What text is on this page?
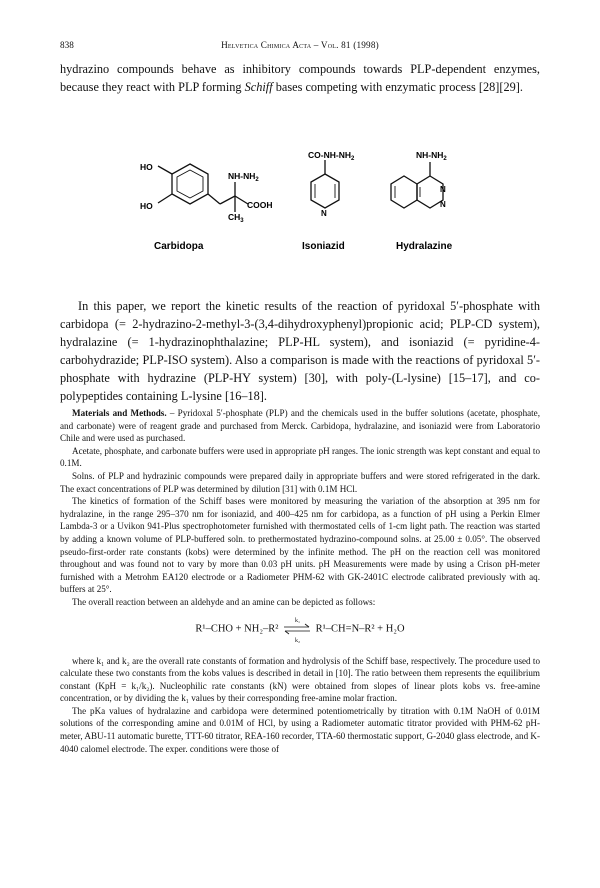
838	Helvetica Chimica Acta – Vol. 81 (1998)
hydrazino compounds behave as inhibitory compounds towards PLP-dependent enzymes, because they react with PLP forming Schiff bases competing with enzymatic process [28][29].
HO
HO
$NH-NH_2$
COOH
$CH_3$
Carbidopa
$CO-NH-NH_2$
N
Isoniazid
$NH-NH_2$
N
N
Hydralazine
In this paper, we report the kinetic results of the reaction of pyridoxal 5′-phosphate with carbidopa (= 2-hydrazino-2-methyl-3-(3,4-dihydroxyphenyl)propionic acid; PLP-CD system), hydralazine (= 1-hydrazinophthalazine; PLP-HL system), and isoniazid (= pyridine-4-carbohydrazide; PLP-ISO system). Also a comparison is made with the reactions of pyridoxal 5′-phosphate with hydrazine (PLP-HY system) [30], with poly-(L-lysine) [15–17], and co-polypeptides containing L-lysine [16–18].

Materials and Methods. – Pyridoxal 5′-phosphate (PLP) and the chemicals used in the buffer solutions (acetate, phosphate, and carbonate) were of reagent grade and purchased from Merck. Carbidopa, hydralazine, and isoniazid were from Laboratorio Chile and were used as purchased.

Acetate, phosphate, and carbonate buffers were used in appropriate pH ranges. The ionic strength was kept constant and equal to 0.1M.

Solns. of PLP and hydrazinic compounds were prepared daily in appropriate buffers and were stored refrigerated in the dark. The exact concentrations of PLP was determined by dilution [31] with 0.1M HCl.

The kinetics of formation of the Schiff bases were monitored by measuring the variation of the absorption at 395 nm for hydralazine, in the range 295–370 nm for isoniazid, and 400–425 nm for carbidopa, as a function of pH using a Perkin Elmer Lambda-3 or a Uvikon 941-Plus spectrophotometer furnished with thermostated cells of 1-cm light path. The reaction was started by adding a known volume of PLP-buffered soln. to prethermostated hydrazino-compound solns. at 25.00 ± 0.05°. The observed pseudo-first-order rate constants (kobs) were determined by the infinite method. The pH on the reaction cell was monitored throughout and was found not to vary by more than 0.03 pH units. pH Measurements were made by using a Crison pH-meter furnished with a Metrohm EA120 electrode or a Radiometer PHM-62 with GK-2401C electrode calibrated previously with aq. buffers at 25°.

The overall reaction between an aldehyde and an amine can be depicted as follows:

R¹–CHO + NH₂–R²
k₁
k₂
R¹–CH=N–R² + H₂O

where k₁ and k₂ are the overall rate constants of formation and hydrolysis of the Schiff base, respectively. The procedure used to calculate these two constants from the kobs values is described in detail in [10]. The ratio between them represents the equilibrium constant (KpH = k₁/k₂). Nucleophilic rate constants (kN) were obtained from slopes of linear plots kobs vs. free-amine concentration, or by dividing the k₁ values by their corresponding free-amine molar fraction.

The pKa values of hydralazine and carbidopa were determined potentiometrically by titration with 0.1M NaOH of 0.01M solutions of the corresponding amine and 0.01M of HCl, by using a Radiometer automatic titrator provided with PHM-62 pH-meter, ABU-11 automatic burette, TTT-60 titrator, REA-160 recorder, TTA-60 thermostatic support, G-2040 glass electrode, and K-4040 calomel electrode. The exper. conditions were those of
